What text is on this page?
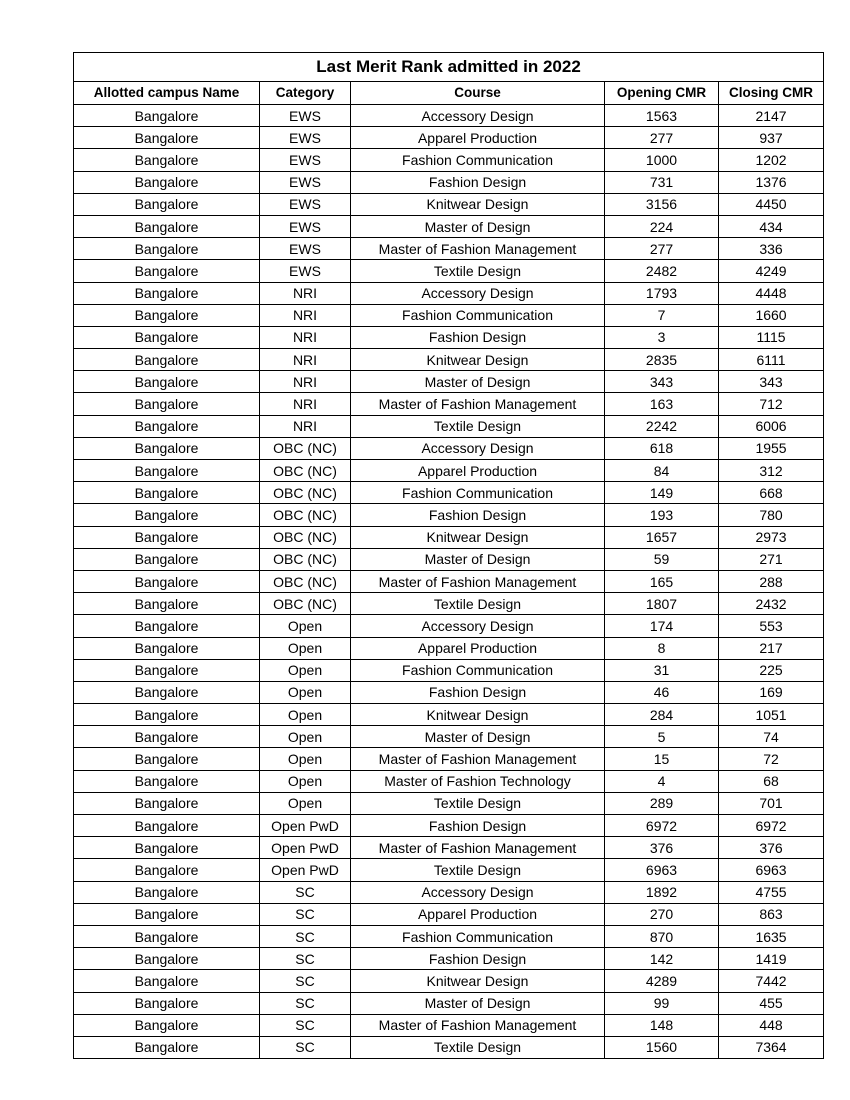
Last Merit Rank admitted in 2022				
Allotted campus Name	Category	Course	Opening CMR	Closing CMR
Bangalore	EWS	Accessory Design	1563	2147
Bangalore	EWS	Apparel Production	277	937
Bangalore	EWS	Fashion Communication	1000	1202
Bangalore	EWS	Fashion Design	731	1376
Bangalore	EWS	Knitwear Design	3156	4450
Bangalore	EWS	Master of Design	224	434
Bangalore	EWS	Master of Fashion Management	277	336
Bangalore	EWS	Textile Design	2482	4249
Bangalore	NRI	Accessory Design	1793	4448
Bangalore	NRI	Fashion Communication	7	1660
Bangalore	NRI	Fashion Design	3	1115
Bangalore	NRI	Knitwear Design	2835	6111
Bangalore	NRI	Master of Design	343	343
Bangalore	NRI	Master of Fashion Management	163	712
Bangalore	NRI	Textile Design	2242	6006
Bangalore	OBC (NC)	Accessory Design	618	1955
Bangalore	OBC (NC)	Apparel Production	84	312
Bangalore	OBC (NC)	Fashion Communication	149	668
Bangalore	OBC (NC)	Fashion Design	193	780
Bangalore	OBC (NC)	Knitwear Design	1657	2973
Bangalore	OBC (NC)	Master of Design	59	271
Bangalore	OBC (NC)	Master of Fashion Management	165	288
Bangalore	OBC (NC)	Textile Design	1807	2432
Bangalore	Open	Accessory Design	174	553
Bangalore	Open	Apparel Production	8	217
Bangalore	Open	Fashion Communication	31	225
Bangalore	Open	Fashion Design	46	169
Bangalore	Open	Knitwear Design	284	1051
Bangalore	Open	Master of Design	5	74
Bangalore	Open	Master of Fashion Management	15	72
Bangalore	Open	Master of Fashion Technology	4	68
Bangalore	Open	Textile Design	289	701
Bangalore	Open PwD	Fashion Design	6972	6972
Bangalore	Open PwD	Master of Fashion Management	376	376
Bangalore	Open PwD	Textile Design	6963	6963
Bangalore	SC	Accessory Design	1892	4755
Bangalore	SC	Apparel Production	270	863
Bangalore	SC	Fashion Communication	870	1635
Bangalore	SC	Fashion Design	142	1419
Bangalore	SC	Knitwear Design	4289	7442
Bangalore	SC	Master of Design	99	455
Bangalore	SC	Master of Fashion Management	148	448
Bangalore	SC	Textile Design	1560	7364
